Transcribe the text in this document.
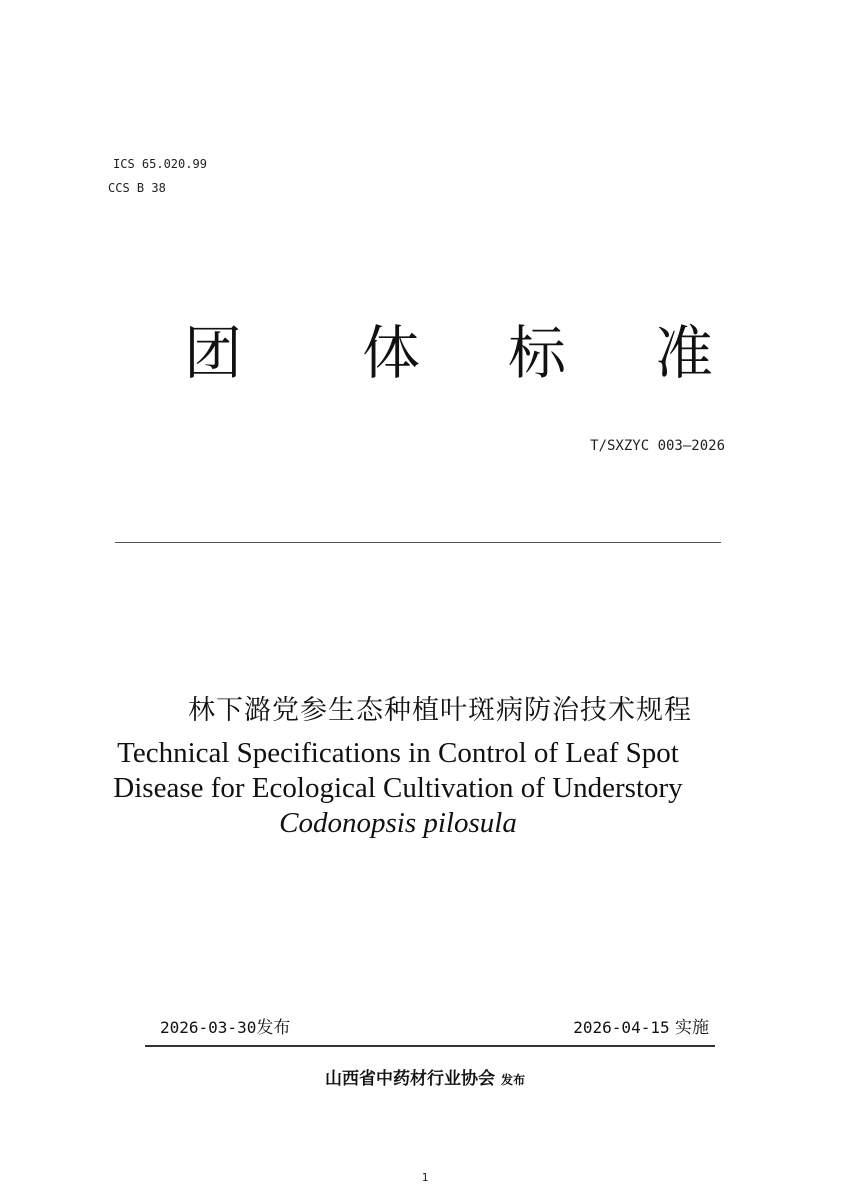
ICS 65.020.99
CCS B 38
团 体 标 准
T/SXZYC 003—2026
林下潞党参生态种植叶斑病防治技术规程
Technical Specifications in Control of Leaf Spot
Disease for Ecological Cultivation of Understory
Codonopsis pilosula
2026-03-30发布	2026-04-15 实施
山西省中药材行业协会 发布
1
